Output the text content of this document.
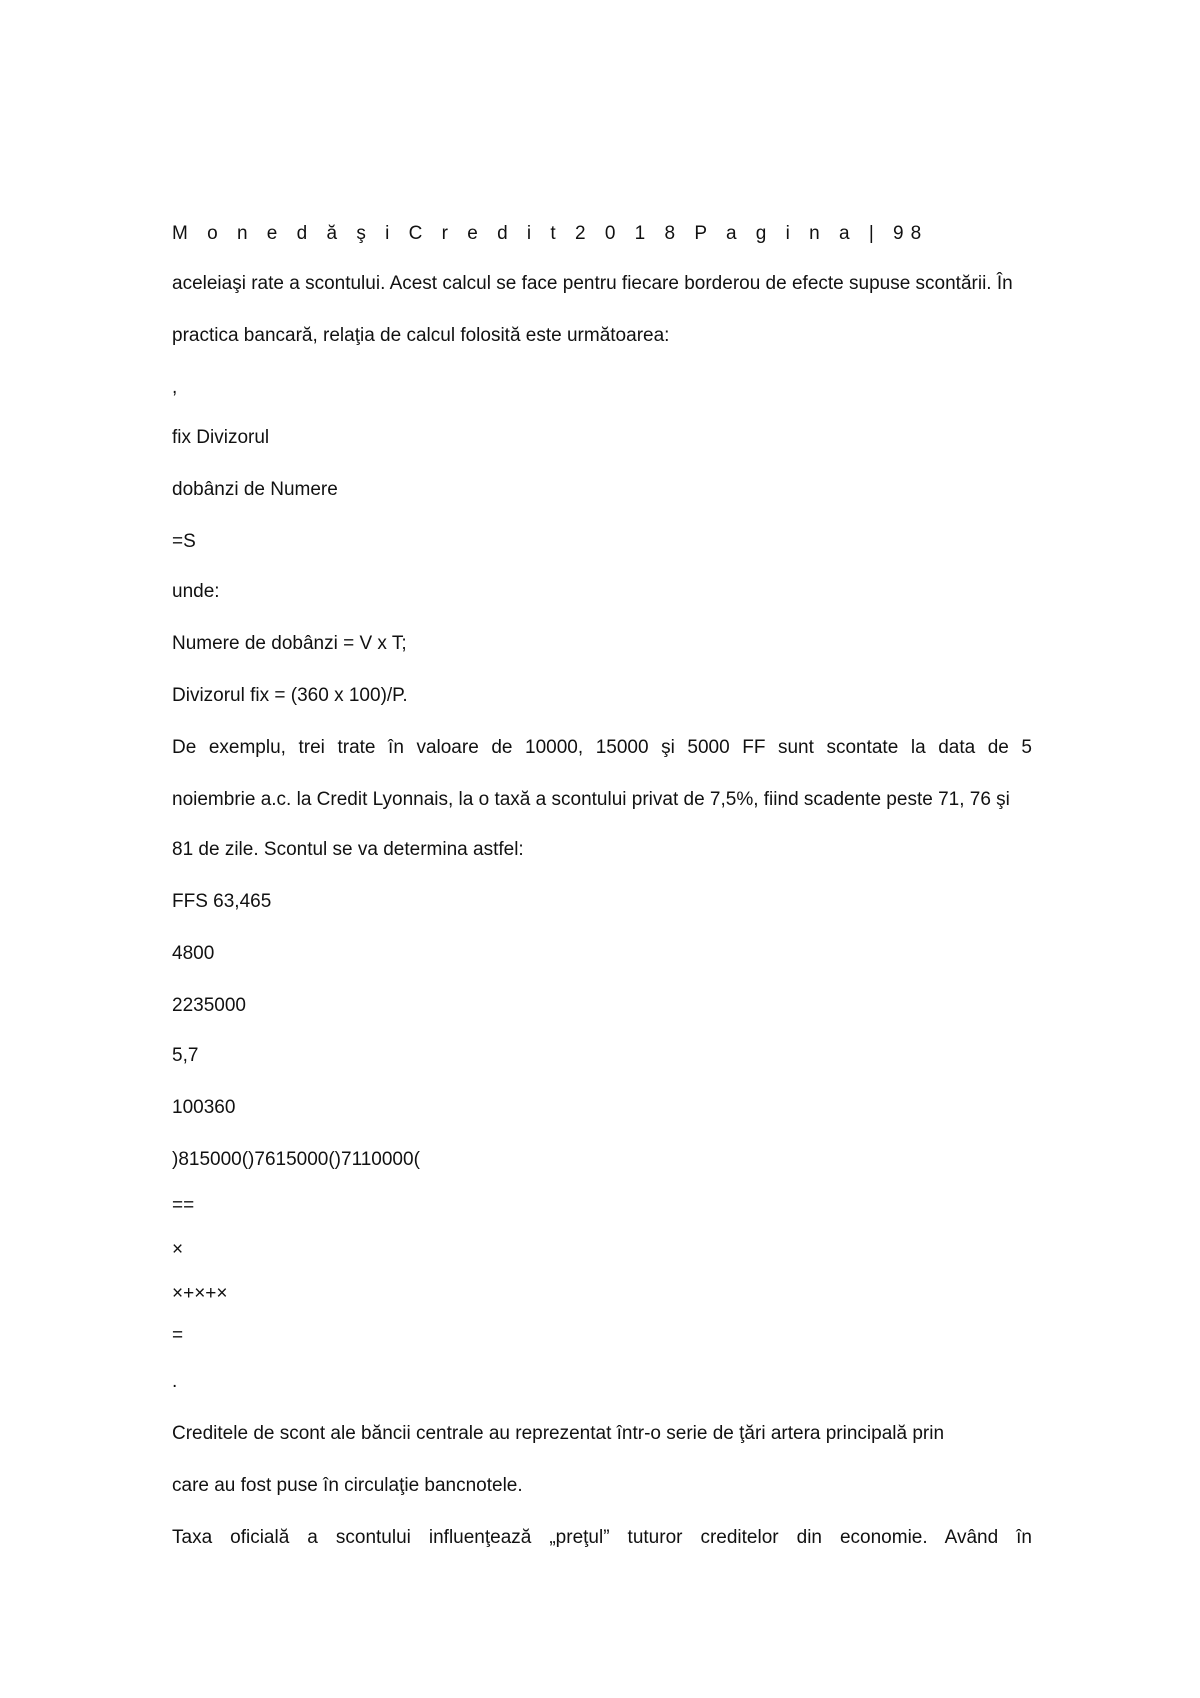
M o n e d ă ş i C r e d i t 2 0 1 8 P a g i n a | 98
aceleiaşi rate a scontului. Acest calcul se face pentru fiecare borderou de efecte supuse scontării. În
practica bancară, relaţia de calcul folosită este următoarea:
,
fix Divizorul
dobânzi de Numere
=S
unde:
Numere de dobânzi = V x T;
Divizorul fix = (360 x 100)/P.
De exemplu, trei trate în valoare de 10000, 15000 şi 5000 FF sunt scontate la data de 5
noiembrie a.c. la Credit Lyonnais, la o taxă a scontului privat de 7,5%, fiind scadente peste 71, 76 şi
81 de zile. Scontul se va determina astfel:
FFS 63,465
4800
2235000
5,7
100360
)815000()7615000()7110000(
==
×
×+×+×
=
.
Creditele de scont ale băncii centrale au reprezentat într-o serie de ţări artera principală prin
care au fost puse în circulaţie bancnotele.
Taxa oficială a scontului influenţează „preţul” tuturor creditelor din economie. Având în
